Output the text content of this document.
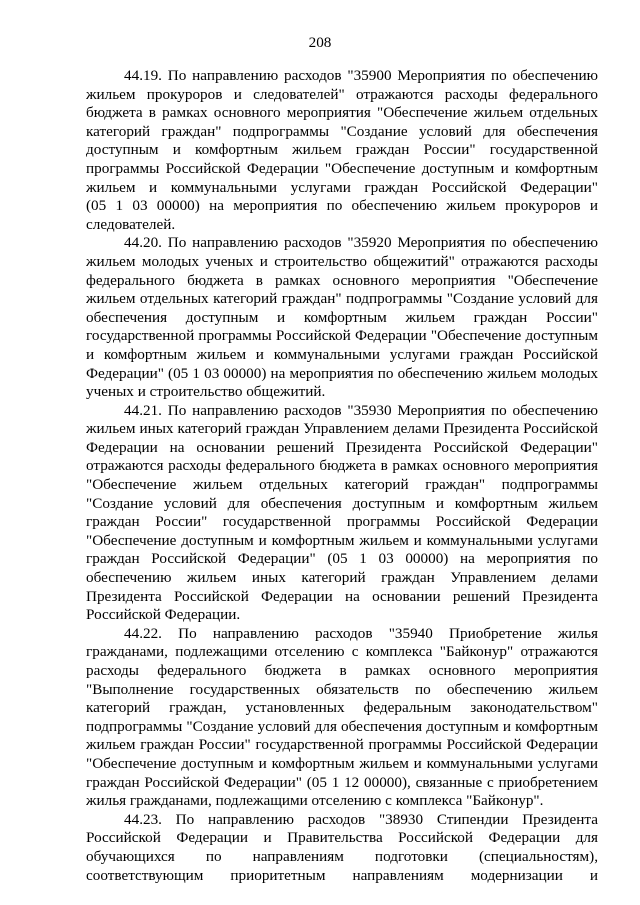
208
44.19. По направлению расходов "35900 Мероприятия по обеспечению
жильем прокуроров и следователей" отражаются расходы федерального
бюджета в рамках основного мероприятия "Обеспечение жильем отдельных
категорий граждан" подпрограммы "Создание условий для обеспечения
доступным и комфортным жильем граждан России" государственной
программы Российской Федерации "Обеспечение доступным и комфортным
жильем и коммунальными услугами граждан Российской Федерации"
(05 1 03 00000) на мероприятия по обеспечению жильем прокуроров и
следователей.
44.20. По направлению расходов "35920 Мероприятия по обеспечению
жильем молодых ученых и строительство общежитий" отражаются расходы
федерального бюджета в рамках основного мероприятия "Обеспечение
жильем отдельных категорий граждан" подпрограммы "Создание условий для
обеспечения доступным и комфортным жильем граждан России"
государственной программы Российской Федерации "Обеспечение доступным
и комфортным жильем и коммунальными услугами граждан Российской
Федерации" (05 1 03 00000) на мероприятия по обеспечению жильем молодых
ученых и строительство общежитий.
44.21. По направлению расходов "35930 Мероприятия по обеспечению
жильем иных категорий граждан Управлением делами Президента Российской
Федерации на основании решений Президента Российской Федерации"
отражаются расходы федерального бюджета в рамках основного мероприятия
"Обеспечение жильем отдельных категорий граждан" подпрограммы
"Создание условий для обеспечения доступным и комфортным жильем
граждан России" государственной программы Российской Федерации
"Обеспечение доступным и комфортным жильем и коммунальными услугами
граждан Российской Федерации" (05 1 03 00000) на мероприятия по
обеспечению жильем иных категорий граждан Управлением делами
Президента Российской Федерации на основании решений Президента
Российской Федерации.
44.22. По направлению расходов "35940 Приобретение жилья
гражданами, подлежащими отселению с комплекса "Байконур" отражаются
расходы федерального бюджета в рамках основного мероприятия
"Выполнение государственных обязательств по обеспечению жильем
категорий граждан, установленных федеральным законодательством"
подпрограммы "Создание условий для обеспечения доступным и комфортным
жильем граждан России" государственной программы Российской Федерации
"Обеспечение доступным и комфортным жильем и коммунальными услугами
граждан Российской Федерации" (05 1 12 00000), связанные с приобретением
жилья гражданами, подлежащими отселению с комплекса "Байконур".
44.23. По направлению расходов "38930 Стипендии Президента
Российской Федерации и Правительства Российской Федерации для
обучающихся по направлениям подготовки (специальностям),
соответствующим приоритетным направлениям модернизации и
